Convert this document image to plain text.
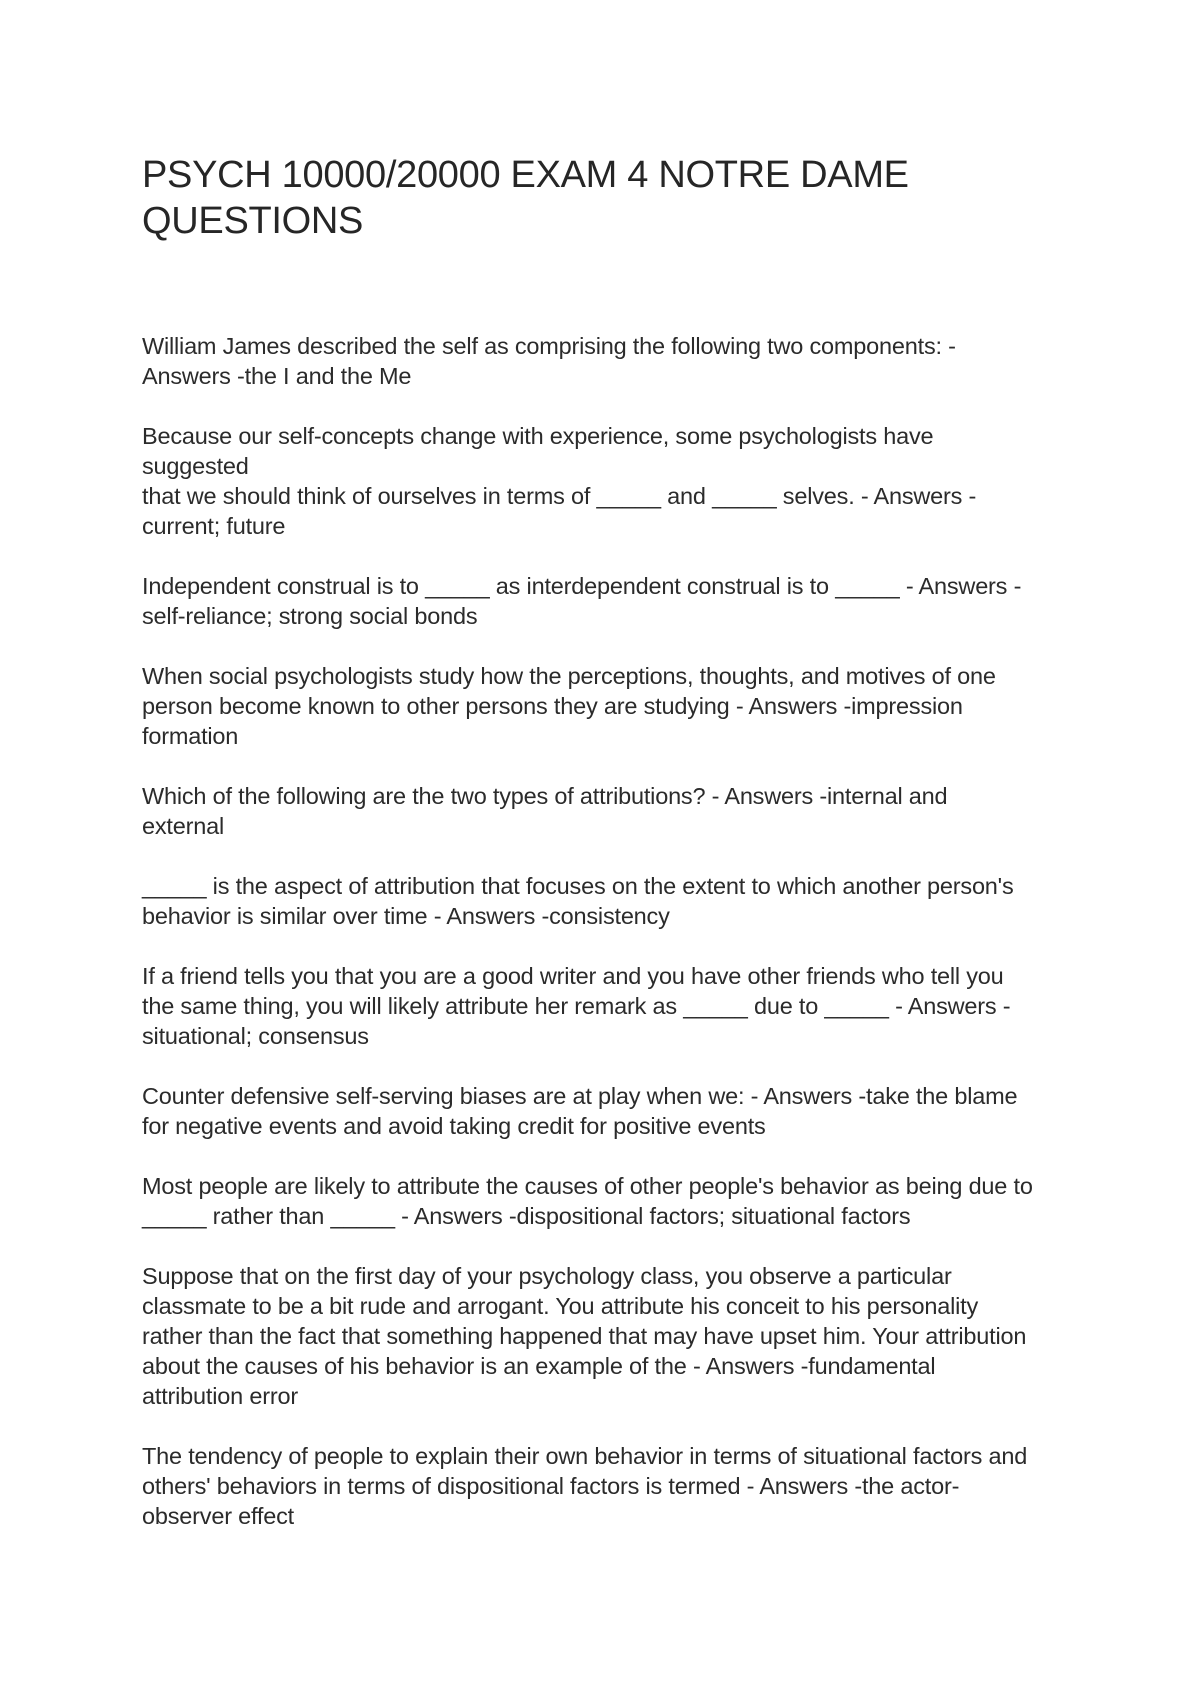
PSYCH 10000/20000 EXAM 4 NOTRE DAME
QUESTIONS

William James described the self as comprising the following two components: -
Answers -the I and the Me

Because our self-concepts change with experience, some psychologists have
suggested
that we should think of ourselves in terms of _____ and _____ selves. - Answers -
current; future

Independent construal is to _____ as interdependent construal is to _____ - Answers -
self-reliance; strong social bonds

When social psychologists study how the perceptions, thoughts, and motives of one
person become known to other persons they are studying - Answers -impression
formation

Which of the following are the two types of attributions? - Answers -internal and
external

_____ is the aspect of attribution that focuses on the extent to which another person's
behavior is similar over time - Answers -consistency

If a friend tells you that you are a good writer and you have other friends who tell you
the same thing, you will likely attribute her remark as _____ due to _____ - Answers -
situational; consensus

Counter defensive self-serving biases are at play when we: - Answers -take the blame
for negative events and avoid taking credit for positive events

Most people are likely to attribute the causes of other people's behavior as being due to
_____ rather than _____ - Answers -dispositional factors; situational factors

Suppose that on the first day of your psychology class, you observe a particular
classmate to be a bit rude and arrogant. You attribute his conceit to his personality
rather than the fact that something happened that may have upset him. Your attribution
about the causes of his behavior is an example of the - Answers -fundamental
attribution error

The tendency of people to explain their own behavior in terms of situational factors and
others' behaviors in terms of dispositional factors is termed - Answers -the actor-
observer effect
